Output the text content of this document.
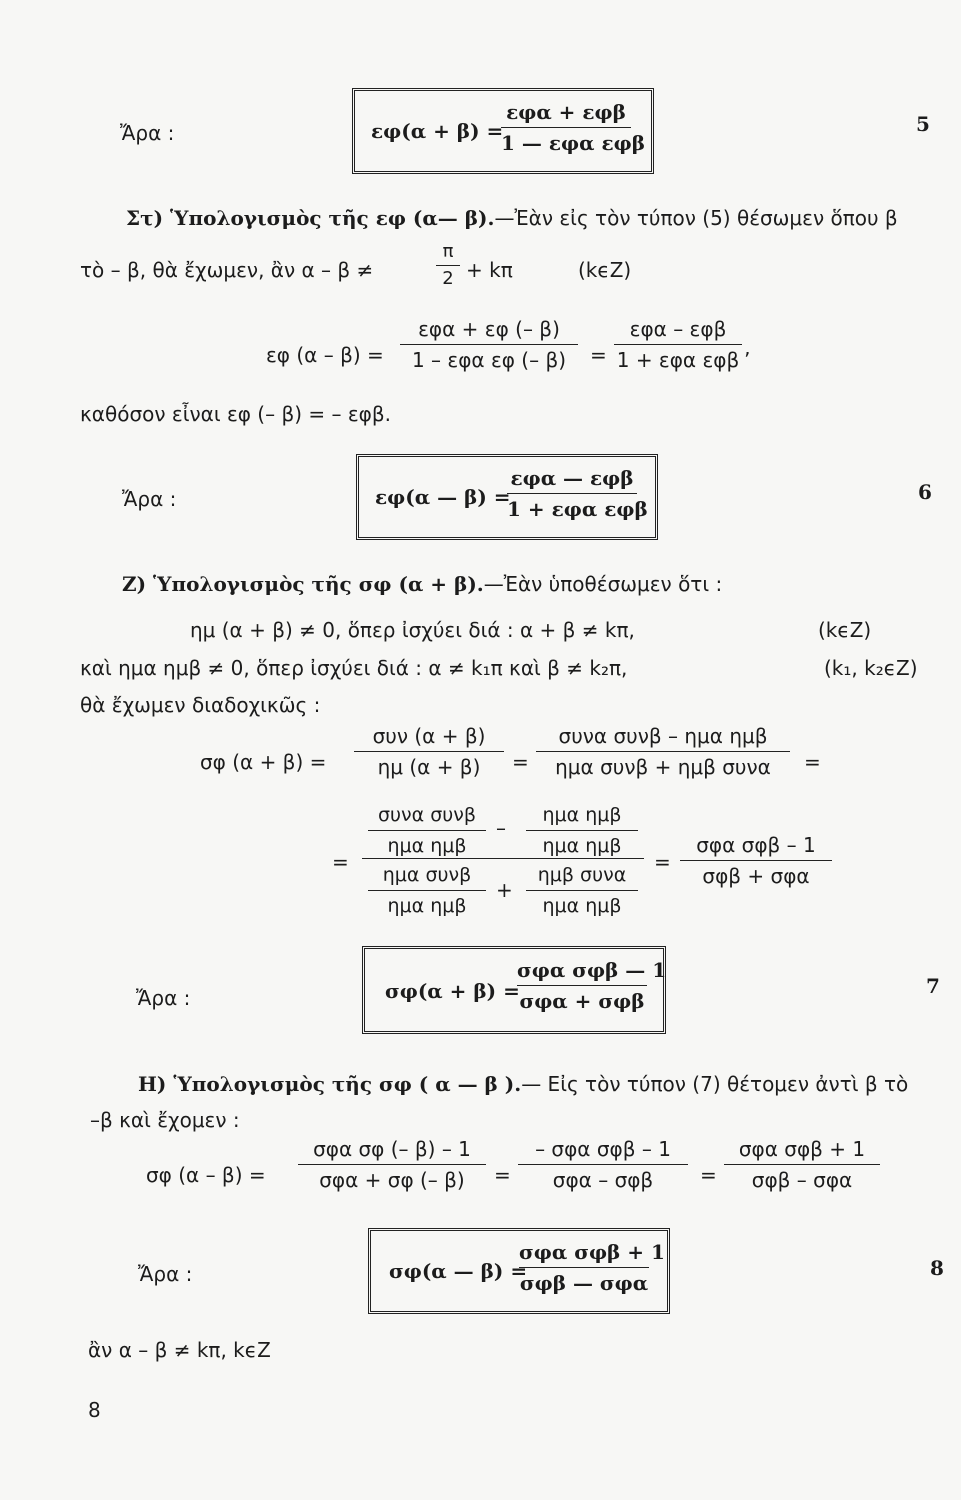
Ἄρα :	εφ(α + β) =
εφα + εφβ
1 — εφα εφβ
5
Στ) Ὑπολογισμὸς τῆς εφ (α— β).—Ἐὰν εἰς τὸν τύπον (5) θέσωμεν ὅπου β
τὸ – β, θὰ ἔχωμεν, ἂν α – β ≠
π
2 + kπ	(kϵZ)
εφ (α – β) =
εφα + εφ (– β)
1 – εφα εφ (– β)	=
εφα – εφβ
1 + εφα εφβ ’
καθόσον εἶναι εφ (– β) = – εφβ.
Ἄρα :	εφ(α — β) =
εφα — εφβ
1 + εφα εφβ
6
Ζ) Ὑπολογισμὸς τῆς σφ (α + β).—Ἐὰν ὑποθέσωμεν ὅτι :
ημ (α + β) ≠ 0, ὅπερ ἰσχύει διά : α + β ≠ kπ,	(kϵZ)
καὶ ημα ημβ ≠ 0, ὅπερ ἰσχύει διά : α ≠ k₁π καὶ β ≠ k₂π,	(k₁, k₂ϵZ)
θὰ ἔχωμεν διαδοχικῶς :
σφ (α + β) =
συν (α + β)
ημ (α + β)	=
συνα συνβ – ημα ημβ
ημα συνβ + ημβ συνα	=
=
συνα συνβ
ημα ημβ
–
ημα ημβ
ημα ημβ
ημα συνβ
ημα ημβ
+
ημβ συνα
ημα ημβ
=
σφα σφβ – 1
σφβ + σφα
Ἄρα :	σφ(α + β) =
σφα σφβ — 1
σφα + σφβ
7
Η) Ὑπολογισμὸς τῆς σφ ( α — β ).— Εἰς τὸν τύπον (7) θέτομεν ἀντὶ β τὸ
–β καὶ ἔχομεν :
σφ (α – β) =
σφα σφ (– β) – 1
σφα + σφ (– β)	=
– σφα σφβ – 1
σφα – σφβ	=
σφα σφβ + 1
σφβ – σφα
Ἄρα :	σφ(α — β) =
σφα σφβ + 1
σφβ — σφα
8
ἂν α – β ≠ kπ, kϵZ
8
